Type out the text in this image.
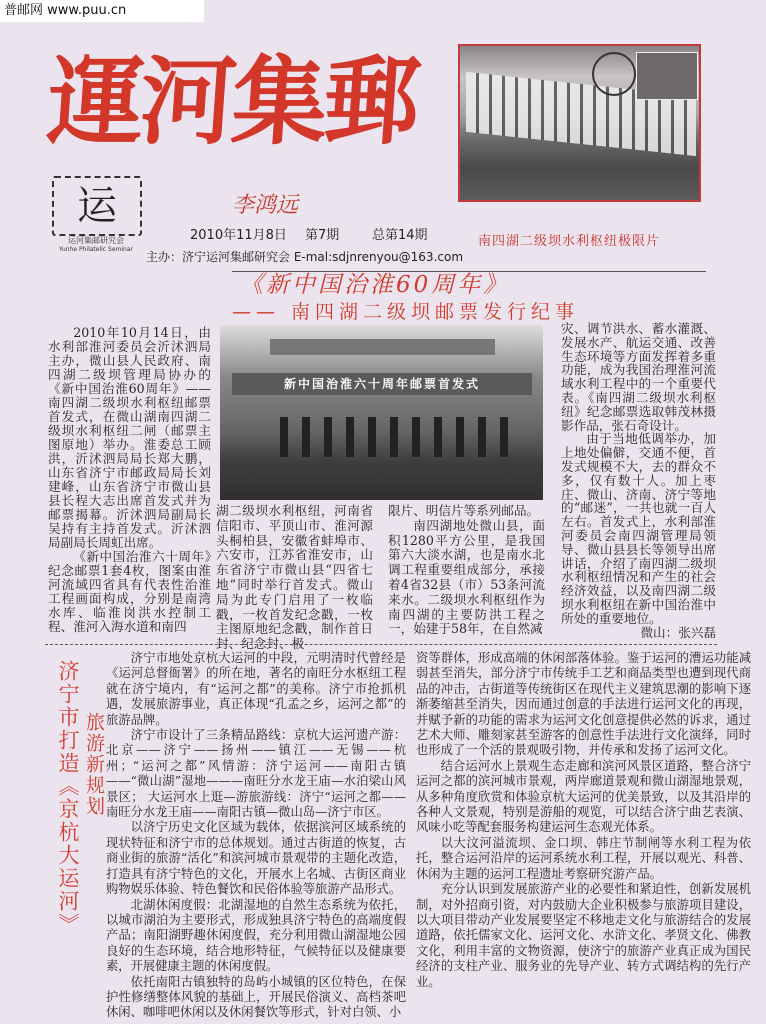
普邮网 www.puu.cn
運河集郵
运
运河集邮研究会
Yunhe Philatelic Seminar
李鸿远
2010年11月8日 第7期	总第14期
主办：济宁运河集邮研究会 E-mal:sdjnrenyou@163.com
南四湖二级坝水利枢纽极限片
《新中国治淮60周年》
—— 南四湖二级坝邮票发行纪事

2010年10月14日，由水利部淮河委员会沂沭泗局主办，微山县人民政府、南四湖二级坝管理局协办的《新中国治淮60周年》——南四湖二级坝水利枢纽邮票首发式，在微山湖南四湖二级坝水利枢纽二闸（邮票主图原地）举办。淮委总工顾洪，沂沭泗局局长郑大鹏，山东省济宁市邮政局局长刘建峰，山东省济宁市微山县县长程大志出席首发式并为邮票揭幕。沂沭泗局副局长吴持有主持首发式。沂沭泗局副局长周虹出席。

《新中国治淮六十周年》纪念邮票1套4枚，图案由淮河流域四省具有代表性治淮工程画面构成，分别是南湾水库、临淮岗洪水控制工程、淮河入海水道和南四

新中国治淮六十周年邮票首发式

湖二级坝水利枢纽，河南省信阳市、平顶山市、淮河源头桐柏县，安徽省蚌埠市、六安市，江苏省淮安市，山东省济宁市微山县“四省七地”同时举行首发式。微山局为此专门启用了一枚临戳，一枚首发纪念戳，一枚主图原地纪念戳，制作首日封、纪念封、极

限片、明信片等系列邮品。

南四湖地处微山县，面积1280平方公里，是我国第六大淡水湖，也是南水北调工程重要组成部分，承接着4省32县（市）53条河流来水。二级坝水利枢纽作为南四湖的主要防洪工程之一，始建于58年，在自然减

灾、调节洪水、蓄水灌溉、发展水产、航运交通、改善生态环境等方面发挥着多重功能，成为我国治理淮河流域水利工程中的一个重要代表。《南四湖二级坝水利枢纽》纪念邮票选取韩茂林摄影作品，张石奇设计。

由于当地低调举办，加上地处偏僻，交通不便，首发式规模不大，去的群众不多，仅有数十人。加上枣庄、微山、济南、济宁等地的“邮迷”，一共也就一百人左右。首发式上，水利部淮河委员会南四湖管理局领导、微山县县长等领导出席讲话，介绍了南四湖二级坝水利枢纽情况和产生的社会经济效益，以及南四湖二级坝水利枢纽在新中国治淮中所处的重要地位。

微山：张兴磊
济宁市打造《京杭大运河》 旅游新规划

济宁市地处京杭大运河的中段，元明清时代曾经是《运河总督衙署》的所在地，著名的南旺分水枢纽工程就在济宁境内，有“运河之都”的美称。济宁市抢抓机遇，发展旅游事业，真正体现“孔孟之乡，运河之都”的旅游品牌。

济宁市设计了三条精品路线：京杭大运河遗产游：北京——济宁——扬州——镇江——无锡——杭州；“运河之都”风情游：济宁运河——南阳古镇——“微山湖”湿地———南旺分水龙王庙—水泊梁山风景区； 大运河水上逛—游旅游线：济宁“运河之都——南旺分水龙王庙——南阳古镇—微山岛—济宁市区。

以济宁历史文化区域为载体，依据滨河区域系统的现状特征和济宁市的总体规划。通过古街道的恢复，古商业街的旅游“活化”和滨河城市景观带的主题化改造，打造具有济宁特色的文化，开展水上名城、古街区商业购物娱乐体验、特色餐饮和民俗体验等旅游产品形式。

北湖休闲度假：北湖湿地的自然生态系统为依托，以城市湖泊为主要形式，形成独具济宁特色的高端度假产品；南阳湖野趣休闲度假，充分利用微山湖湿地公园良好的生态环境，结合地形特征，气候特征以及健康要素，开展健康主题的休闲度假。

依托南阳古镇独特的岛屿小城镇的区位特色，在保护性修缮整体风貌的基础上，开展民俗演义、高档茶吧休闲、咖啡吧休闲以及休闲餐饮等形式，针对白领、小

资等群体，形成高端的休闲部落体验。鉴于运河的漕运功能减弱甚至消失，部分济宁市传统手工艺和商品类型也遭到现代商品的冲击，古街道等传统街区在现代主义建筑思潮的影响下逐渐萎缩甚至消失，因而通过创意的手法进行运河文化的再现，并赋予新的功能的需求为运河文化创意提供必然的诉求，通过艺术大师、雕刻家甚至游客的创意性手法进行文化演绎，同时也形成了一个活的景观吸引物，并传承和发扬了运河文化。

结合运河水上景观生态走廊和滨河风景区道路，整合济宁运河之都的滨河城市景观，两岸廊道景观和微山湖湿地景观，从多种角度欣赏和体验京杭大运河的优美景致，以及其沿岸的各种人文景观，特别是游船的观览，可以结合济宁曲艺表演、风味小吃等配套服务构建运河生态观光体系。

以大汶河溢流坝、金口坝、韩庄节制闸等水利工程为依托，整合运河沿岸的运河系统水利工程，开展以观光、科普、休闲为主题的运河工程遗址考察研究游产品。

充分认识到发展旅游产业的必要性和紧迫性，创新发展机制，对外招商引资，对内鼓励大企业积极参与旅游项目建设，以大项目带动产业发展要坚定不移地走文化与旅游结合的发展道路，依托儒家文化、运河文化、水浒文化、孝贤文化、佛教文化，利用丰富的文物资源，使济宁的旅游产业真正成为国民经济的支柱产业、服务业的先导产业、转方式调结构的先行产业。
